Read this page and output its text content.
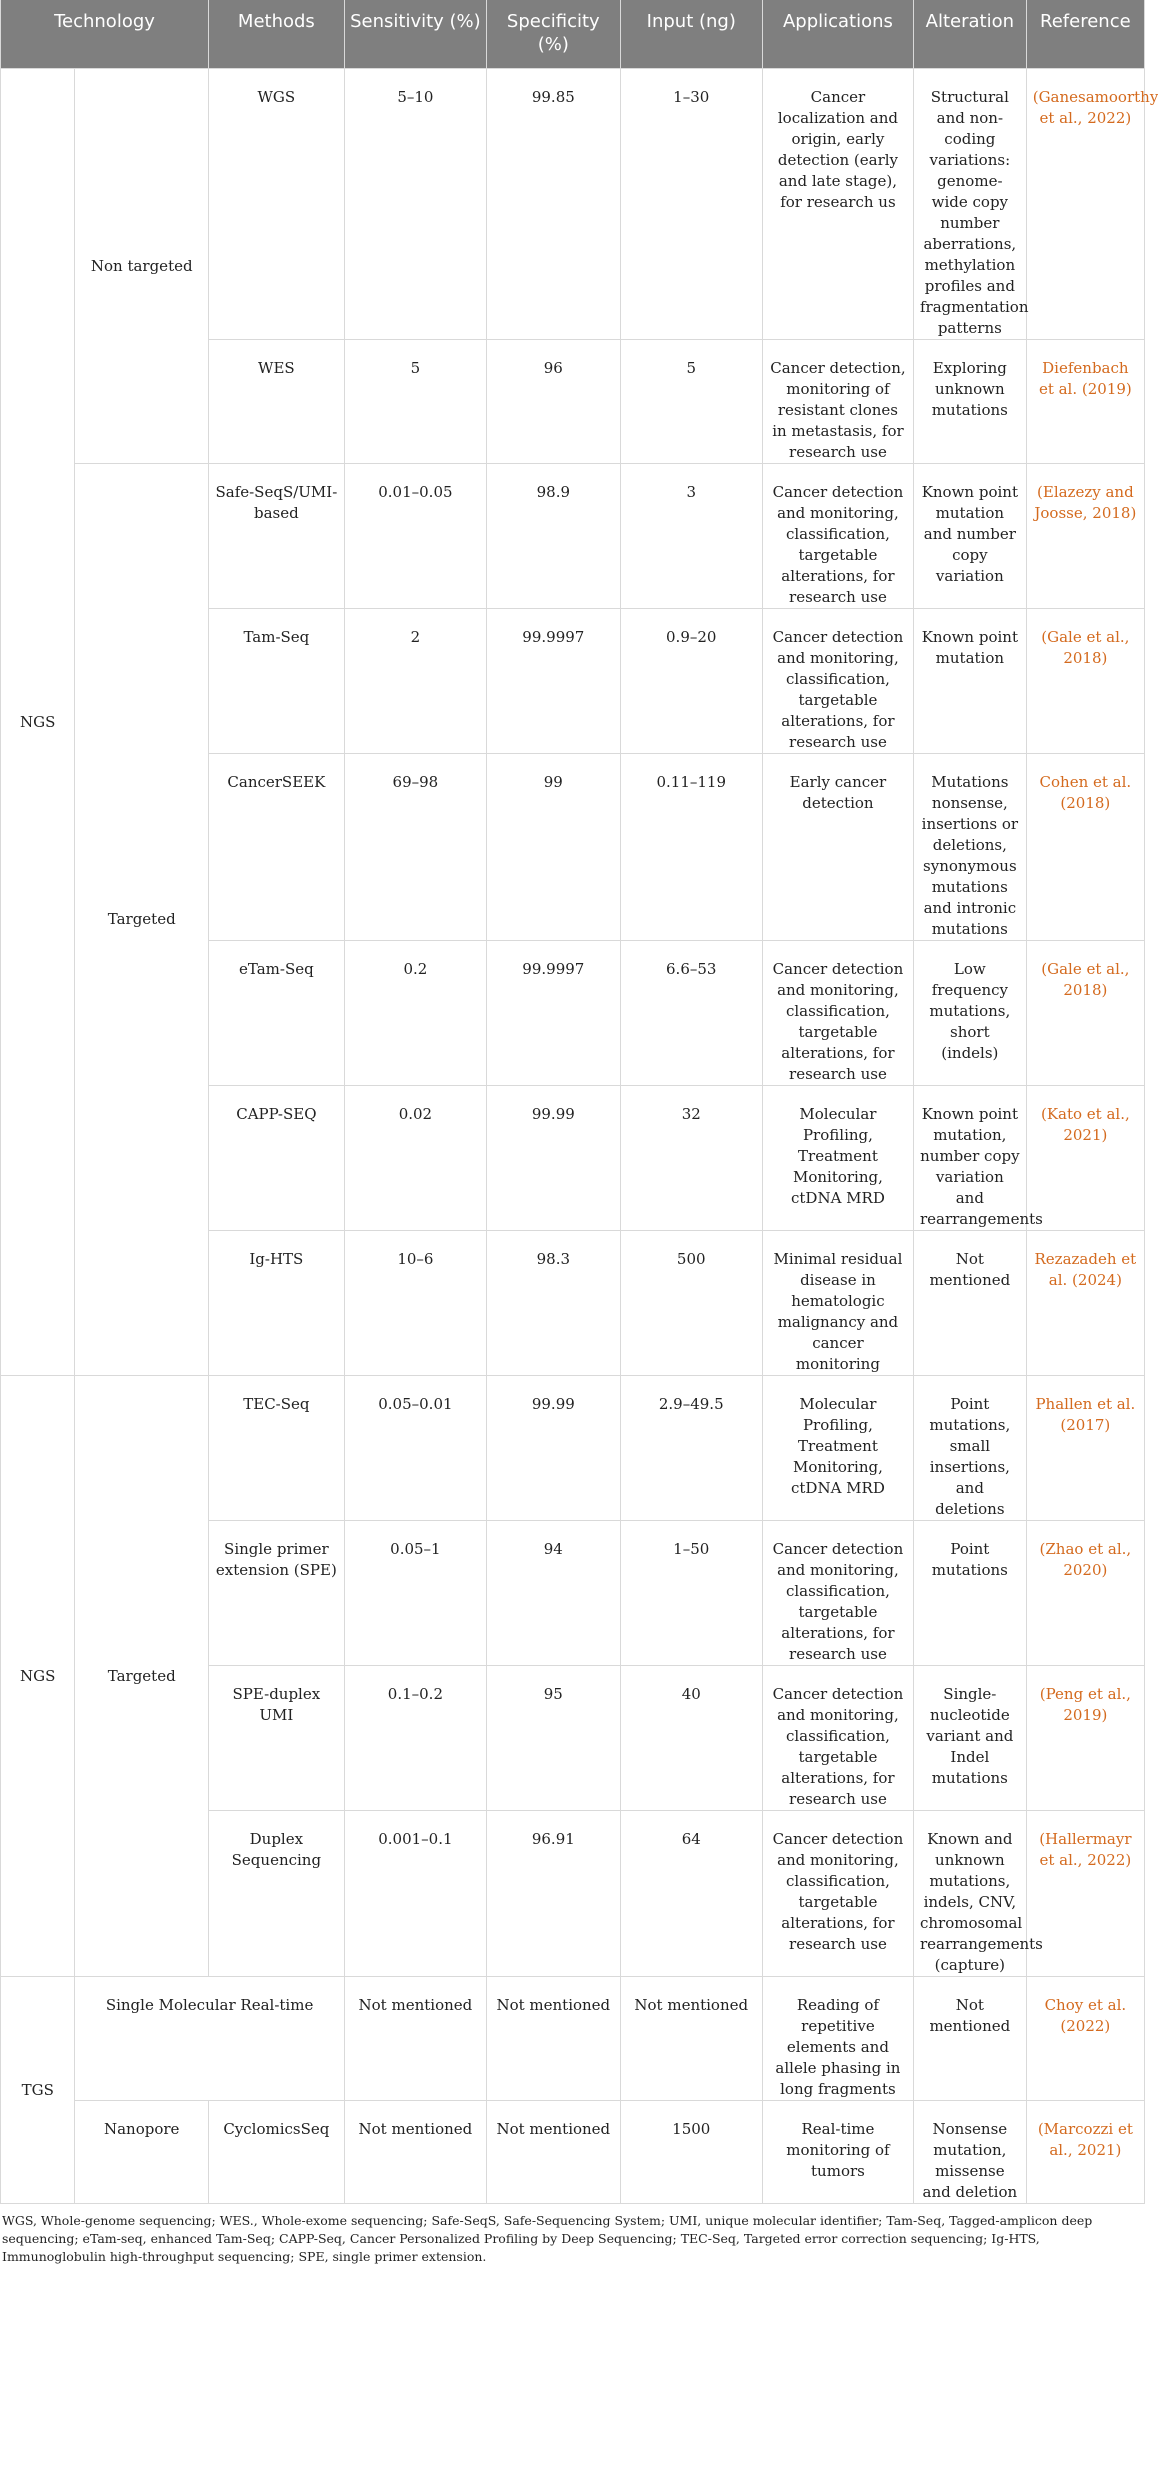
Technology		Methods	Sensitivity (%)	Specificity (%)	Input (ng)	Applications	Alteration	Reference
NGS	Non targeted	WGS	5–10	99.85	1–30	Cancer localization and origin, early detection (early and late stage), for research us	Structural and non-coding variations: genome-wide copy number aberrations, methylation profiles and fragmentation patterns	(Ganesamoorthy et al., 2022)
		WES	5	96	5	Cancer detection, monitoring of resistant clones in metastasis, for research use	Exploring unknown mutations	Diefenbach et al. (2019)
	Targeted	Safe-SeqS/UMI-based	0.01–0.05	98.9	3	Cancer detection and monitoring, classification, targetable alterations, for research use	Known point mutation and number copy variation	(Elazezy and Joosse, 2018)
		Tam-Seq	2	99.9997	0.9–20	Cancer detection and monitoring, classification, targetable alterations, for research use	Known point mutation	(Gale et al., 2018)
		CancerSEEK	69–98	99	0.11–119	Early cancer detection	Mutations nonsense, insertions or deletions, synonymous mutations and intronic mutations	Cohen et al. (2018)
		eTam-Seq	0.2	99.9997	6.6–53	Cancer detection and monitoring, classification, targetable alterations, for research use	Low frequency mutations, short (indels)	(Gale et al., 2018)
		CAPP-SEQ	0.02	99.99	32	Molecular Profiling, Treatment Monitoring, ctDNA MRD	Known point mutation, number copy variation and rearrangements	(Kato et al., 2021)
		Ig-HTS	10–6	98.3	500	Minimal residual disease in hematologic malignancy and cancer monitoring	Not mentioned	Rezazadeh et al. (2024)
NGS	Targeted	TEC-Seq	0.05–0.01	99.99	2.9–49.5	Molecular Profiling, Treatment Monitoring, ctDNA MRD	Point mutations, small insertions, and deletions	Phallen et al. (2017)
		Single primer extension (SPE)	0.05–1	94	1–50	Cancer detection and monitoring, classification, targetable alterations, for research use	Point mutations	(Zhao et al., 2020)
		SPE-duplex UMI	0.1–0.2	95	40	Cancer detection and monitoring, classification, targetable alterations, for research use	Single-nucleotide variant and Indel mutations	(Peng et al., 2019)
		Duplex Sequencing	0.001–0.1	96.91	64	Cancer detection and monitoring, classification, targetable alterations, for research use	Known and unknown mutations, indels, CNV, chromosomal rearrangements (capture)	(Hallermayr et al., 2022)
TGS	Single Molecular Real-time		Not mentioned	Not mentioned	Not mentioned	Reading of repetitive elements and allele phasing in long fragments	Not mentioned	Choy et al. (2022)
	Nanopore	CyclomicsSeq	Not mentioned	Not mentioned	1500	Real-time monitoring of tumors	Nonsense mutation, missense and deletion	(Marcozzi et al., 2021)
WGS, Whole-genome sequencing; WES., Whole-exome sequencing; Safe-SeqS, Safe-Sequencing System; UMI, unique molecular identifier; Tam-Seq, Tagged-amplicon deep sequencing; eTam-seq, enhanced Tam-Seq; CAPP-Seq, Cancer Personalized Profiling by Deep Sequencing; TEC-Seq, Targeted error correction sequencing; Ig-HTS, Immunoglobulin high-throughput sequencing; SPE, single primer extension.
